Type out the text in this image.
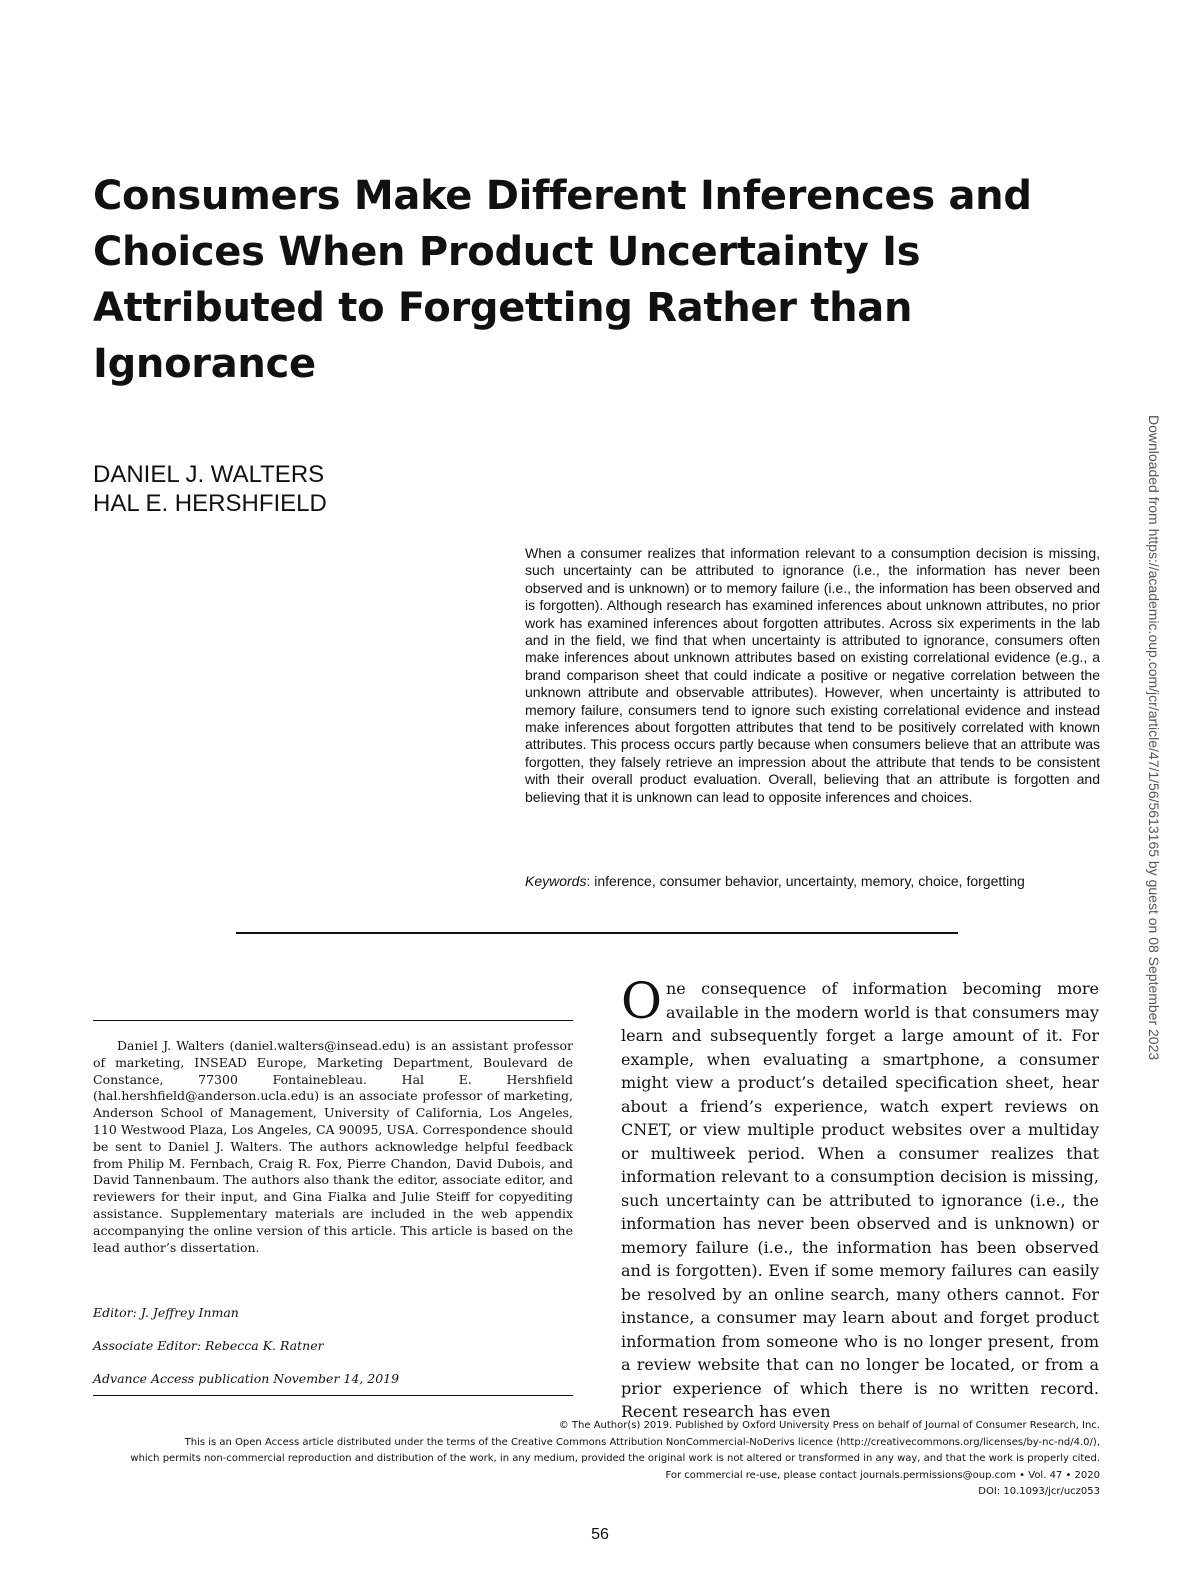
Consumers Make Different Inferences and Choices When Product Uncertainty Is Attributed to Forgetting Rather than Ignorance
DANIEL J. WALTERS
HAL E. HERSHFIELD
When a consumer realizes that information relevant to a consumption decision is missing, such uncertainty can be attributed to ignorance (i.e., the information has never been observed and is unknown) or to memory failure (i.e., the information has been observed and is forgotten). Although research has examined inferences about unknown attributes, no prior work has examined inferences about forgotten attributes. Across six experiments in the lab and in the field, we find that when uncertainty is attributed to ignorance, consumers often make inferences about unknown attributes based on existing correlational evidence (e.g., a brand comparison sheet that could indicate a positive or negative correlation between the unknown attribute and observable attributes). However, when uncertainty is attributed to memory failure, consumers tend to ignore such existing correlational evidence and instead make inferences about forgotten attributes that tend to be positively correlated with known attributes. This process occurs partly because when consumers believe that an attribute was forgotten, they falsely retrieve an impression about the attribute that tends to be consistent with their overall product evaluation. Overall, believing that an attribute is forgotten and believing that it is unknown can lead to opposite inferences and choices.
Keywords: inference, consumer behavior, uncertainty, memory, choice, forgetting
Daniel J. Walters (daniel.walters@insead.edu) is an assistant professor of marketing, INSEAD Europe, Marketing Department, Boulevard de Constance, 77300 Fontainebleau. Hal E. Hershfield (hal.hershfield@anderson.ucla.edu) is an associate professor of marketing, Anderson School of Management, University of California, Los Angeles, 110 Westwood Plaza, Los Angeles, CA 90095, USA. Correspondence should be sent to Daniel J. Walters. The authors acknowledge helpful feedback from Philip M. Fernbach, Craig R. Fox, Pierre Chandon, David Dubois, and David Tannenbaum. The authors also thank the editor, associate editor, and reviewers for their input, and Gina Fialka and Julie Steiff for copyediting assistance. Supplementary materials are included in the web appendix accompanying the online version of this article. This article is based on the lead author’s dissertation.
Editor: J. Jeffrey Inman
Associate Editor: Rebecca K. Ratner
Advance Access publication November 14, 2019
One consequence of information becoming more available in the modern world is that consumers may learn and subsequently forget a large amount of it. For example, when evaluating a smartphone, a consumer might view a product’s detailed specification sheet, hear about a friend’s experience, watch expert reviews on CNET, or view multiple product websites over a multiday or multiweek period. When a consumer realizes that information relevant to a consumption decision is missing, such uncertainty can be attributed to ignorance (i.e., the information has never been observed and is unknown) or memory failure (i.e., the information has been observed and is forgotten). Even if some memory failures can easily be resolved by an online search, many others cannot. For instance, a consumer may learn about and forget product information from someone who is no longer present, from a review website that can no longer be located, or from a prior experience of which there is no written record. Recent research has even
© The Author(s) 2019. Published by Oxford University Press on behalf of Journal of Consumer Research, Inc.
This is an Open Access article distributed under the terms of the Creative Commons Attribution NonCommercial-NoDerivs licence (http://creativecommons.org/licenses/by-nc-nd/4.0/),
which permits non-commercial reproduction and distribution of the work, in any medium, provided the original work is not altered or transformed in any way, and that the work is properly cited.
For commercial re-use, please contact journals.permissions@oup.com • Vol. 47 • 2020
DOI: 10.1093/jcr/ucz053
56
Downloaded from https://academic.oup.com/jcr/article/47/1/56/5613165 by guest on 08 September 2023
